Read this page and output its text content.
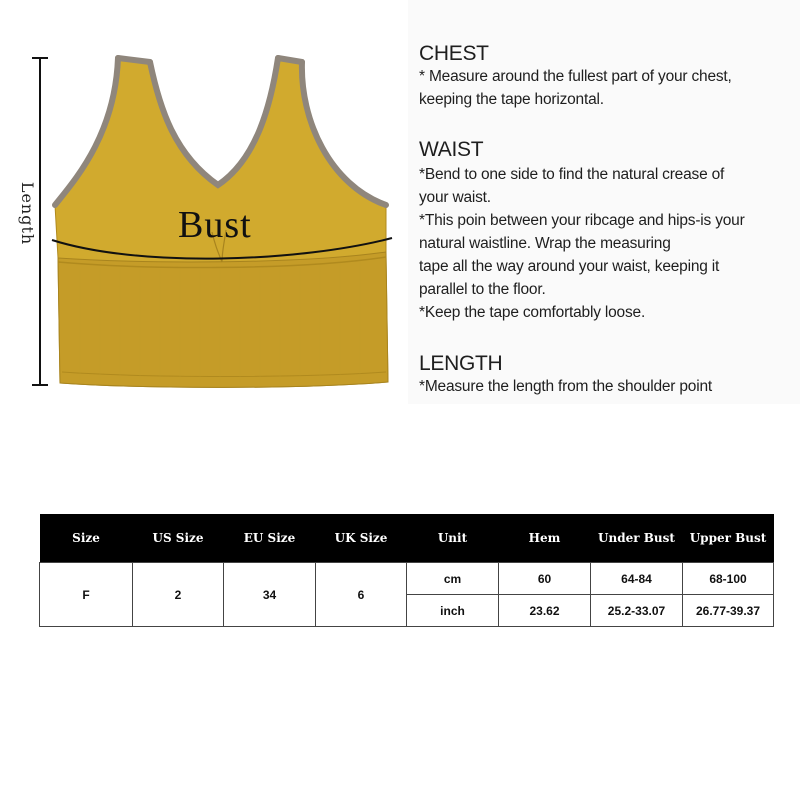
Length	Bust
CHEST
* Measure around the fullest part of your chest,
keeping the tape horizontal.
WAIST
*Bend to one side to find the natural crease of
your waist.
*This poin between your ribcage and hips-is your
natural waistline. Wrap the measuring
tape all the way around your waist, keeping it
parallel to the floor.
*Keep the tape comfortably loose.
LENGTH
*Measure the length from the shoulder point
Size	US Size	EU Size	UK Size	Unit	Hem	Under Bust	Upper Bust
F	2	34	6	cm	60	64-84	68-100
				inch	23.62	25.2-33.07	26.77-39.37
